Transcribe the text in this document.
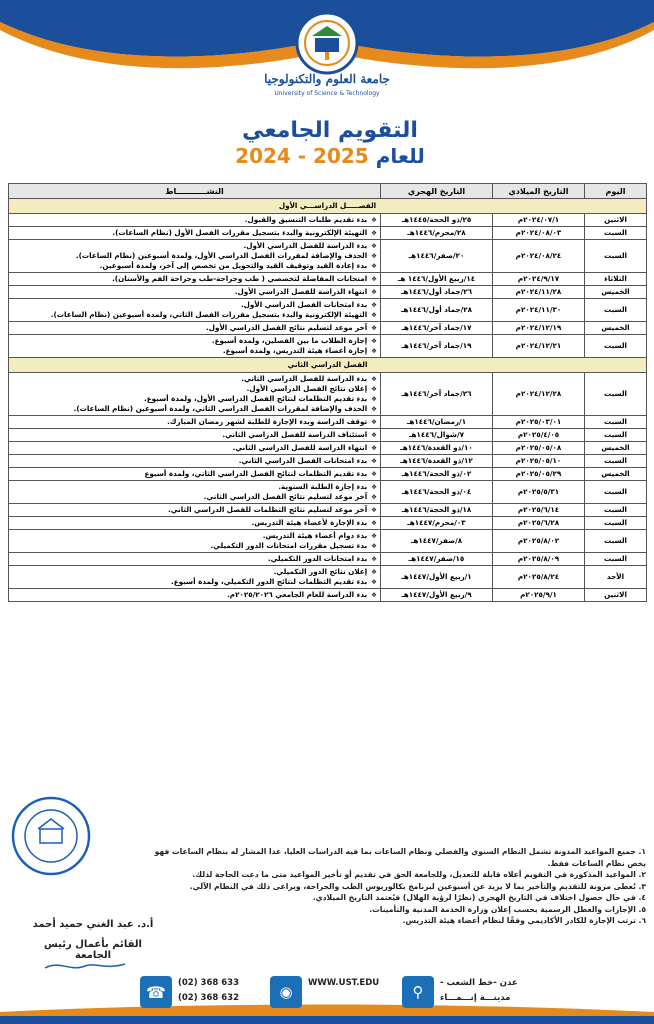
جامعة العلوم والتكنولوجيا
University of Science & Technology
التقويم الجامعي
للعام 2024 - 2025
اليوم	التاريخ الميلادي	التاريخ الهجري	النشـــــــــــاط
الفصـــــل الدراســـي الأول			
الاثنين	٢٠٢٤/٠٧/١م	٢٥/ذو الحجة/١٤٤٥هـ	❖ بدء تقديم طلبات التنسيق والقبول.

السبت	٢٠٢٤/٠٨/٠٣م	٢٨/محرم/١٤٤٦هـ	❖ التهيئة الإلكترونية والبدء بتسجيل مقررات الفصل الأول (نظام الساعات).

السبت	٢٠٢٤/٠٨/٢٤م	٢٠/صفر/١٤٤٦هـ	❖ بدء الدراسة للفصل الدراسي الأول.
❖ الحذف والإضافة لمقررات الفصل الدراسي الأول، ولمدة أسبوعين (نظام الساعات).
❖ بدء إعادة القيد وتوقيف القيد والتحويل من تخصص إلى آخر، ولمدة أسبوعين.

الثلاثاء	٢٠٢٤/٩/١٧م	١٤/ربيع الأول/١٤٤٦ هـ	❖ امتحانات المفاضلة لتخصصي ( طب وجراحة-طب وجراحة الفم والأسنان).

الخميس	٢٠٢٤/١١/٢٨م	٢٦/جماد أول/١٤٤٦هـ	❖ انتهاء الدراسة للفصل الدراسي الأول.

السبت	٢٠٢٤/١١/٣٠م	٢٨/جماد أول/١٤٤٦هـ	❖ بدء امتحانات الفصل الدراسي الأول.
❖ التهيئة الإلكترونية والبدء بتسجيل مقررات الفصل الثاني، ولمدة أسبوعين (نظام الساعات).

الخميس	٢٠٢٤/١٢/١٩م	١٧/جماد آخر/١٤٤٦هـ	❖ آخر موعد لتسليم نتائج الفصل الدراسي الأول.

السبت	٢٠٢٤/١٢/٢١م	١٩/جماد آخر/١٤٤٦هـ	❖ إجازة الطلاب ما بين الفصلين، ولمدة أسبوع.
❖ إجازة أعضاء هيئة التدريس، ولمدة أسبوع.

الفصل الدراسي الثاني			
السبت	٢٠٢٤/١٢/٢٨م	٢٦/جماد آخر/١٤٤٦هـ	❖ بدء الدراسة للفصل الدراسي الثاني.
❖ إعلان نتائج الفصل الدراسي الأول.
❖ بدء تقديم التظلمات لنتائج الفصل الدراسي الأول، ولمدة أسبوع.
❖ الحذف والإضافة لمقررات الفصل الدراسي الثاني، ولمدة أسبوعين (نظام الساعات).

السبت	٢٠٢٥/٠٣/٠١م	١/رمضان/١٤٤٦هـ	❖ توقف الدراسة وبدء الإجازة للطلبة لشهر رمضان المبارك.

السبت	٢٠٢٥/٤/٠٥م	٧/شوال/١٤٤٦هـ	❖ استئناف الدراسة للفصل الدراسي الثاني.

الخميس	٢٠٢٥/٠٥/٠٨م	١٠/ذو القعدة/١٤٤٦هـ	❖ انتهاء الدراسة للفصل الدراسي الثاني.

السبت	٢٠٢٥/٠٥/١٠م	١٢/ذو القعدة/١٤٤٦هـ	❖ بدء امتحانات الفصل الدراسي الثاني.

الخميس	٢٠٢٥/٠٥/٢٩م	٠٢/ذو الحجة/١٤٤٦هـ	❖ بدء تقديم التظلمات لنتائج الفصل الدراسي الثاني، ولمدة أسبوع

السبت	٢٠٢٥/٥/٣١م	٠٤/ذو الحجة/١٤٤٦هـ	❖ بدء إجازة الطلبة السنوية.
❖ آخر موعد لتسليم نتائج الفصل الدراسي الثاني.

السبت	٢٠٢٥/٦/١٤م	١٨/ذو الحجة/١٤٤٦هـ	❖ آخر موعد لتسليم نتائج التظلمات للفصل الدراسي الثاني.

السبت	٢٠٢٥/٦/٢٨م	٠٣/محرم/١٤٤٧هـ	❖ بدء الإجازة لأعضاء هيئة التدريس.

السبت	٢٠٢٥/٨/٠٢م	٨/صفر/١٤٤٧هـ	❖ بدء دوام أعضاء هيئة التدريس.
❖ بدء تسجيل مقررات امتحانات الدور التكميلي.

السبت	٢٠٢٥/٨/٠٩م	١٥/صفر/١٤٤٧هـ	❖ بدء امتحانات الدور التكميلي.

الأحد	٢٠٢٥/٨/٢٤م	١/ربيع الأول/١٤٤٧هـ	❖ إعلان نتائج الدور التكميلي.
❖ بدء تقديم التظلمات لنتائج الدور التكميلي، ولمدة أسبوع.

الاثنين	٢٠٢٥/٩/١م	٩/ربيع الأول/١٤٤٧هـ	❖ بدء الدراسة للعام الجامعي ٢٠٢٥/٢٠٢٦م.
١. جميع المواعيد المدونة تشمل النظام السنوي والفصلي ونظام الساعات بما فيه الدراسات العليا، عدا المشار له بنظام الساعات فهو
يخص نظام الساعات فقط.
٢. المواعيد المذكورة في التقويم أعلاه قابلة للتعديل، وللجامعة الحق في تقديم أو تأخير المواعيد متى ما دعت الحاجة لذلك.
٣. تُعطى مرونة للتقديم والتأخير بما لا يزيد عن أسبوعين لبرنامج بكالوريوس الطب والجراحة، ويراعى ذلك في النظام الآلي.
٤. في حال حصول اختلاف في التاريخ الهجري (نظرًا لرؤية الهلال) فيُعتمد التاريخ الميلادي.
٥. الإجازات والعطل الرسمية بحسب إعلان وزارة الخدمة المدنية والتأمينات.
٦. ترتب الإجازة للكادر الأكاديمي وفقًا لنظام أعضاء هيئة التدريس.
أ.د. عبد الغني حميد أحمد
القائم بأعمال رئيس الجامعة
☎ (02) 368 633
(02) 368 632	◉ WWW.UST.EDU ⚲ عدن -خط الشعب -
مدينـــة إنـــمـــاء
